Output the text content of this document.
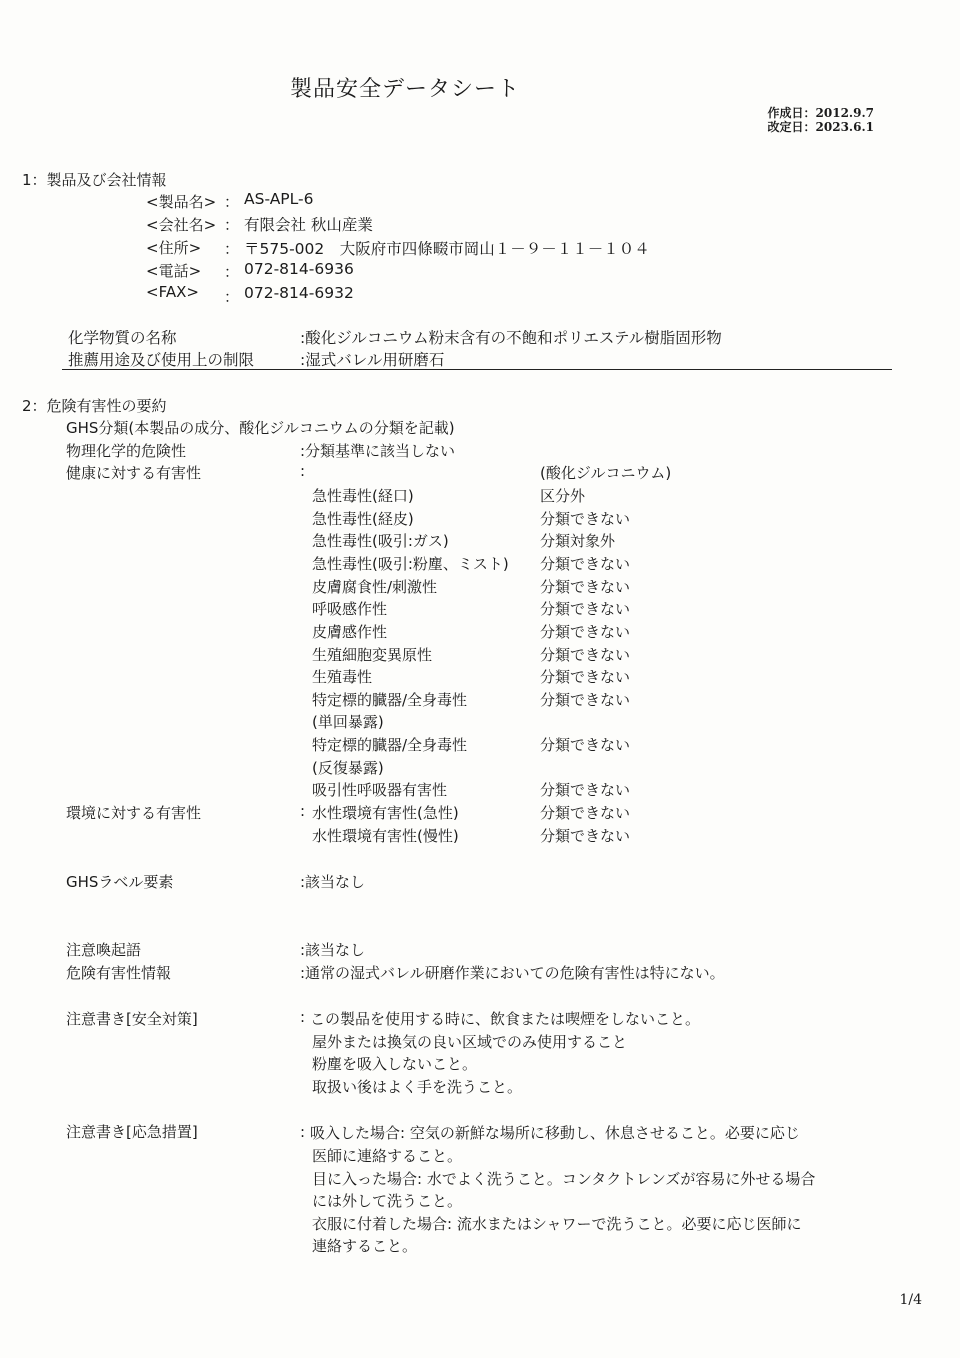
製品安全データシート
作成日：2012.9.7
改定日：2023.6.1
1：製品及び会社情報
<製品名> ： AS-APL-6
<会社名> ： 有限会社 秋山産業
<住所> ： 〒575-002　大阪府市四條畷市岡山１－９－１１－１０４
<電話> ： 072-814-6936
<FAX> ： 072-814-6932
化学物質の名称	:酸化ジルコニウム粉末含有の不飽和ポリエステル樹脂固形物
推薦用途及び使用上の制限	:湿式バレル用研磨石
2：危険有害性の要約
GHS分類(本製品の成分、酸化ジルコニウムの分類を記載)
物理化学的危険性	:分類基準に該当しない
健康に対する有害性	:	(酸化ジルコニウム)
急性毒性(経口)	区分外
急性毒性(経皮)	分類できない
急性毒性(吸引:ガス)	分類対象外
急性毒性(吸引:粉塵、ミスト) 分類できない
皮膚腐食性/刺激性	分類できない
呼吸感作性	分類できない
皮膚感作性	分類できない
生殖細胞変異原性	分類できない
生殖毒性	分類できない
特定標的臓器/全身毒性	分類できない
(単回暴露)
特定標的臓器/全身毒性	分類できない
(反復暴露)
吸引性呼吸器有害性	分類できない
環境に対する有害性	: 水性環境有害性(急性)	分類できない
水性環境有害性(慢性)	分類できない
GHSラベル要素	:該当なし
注意喚起語	:該当なし
危険有害性情報	:通常の湿式バレル研磨作業においての危険有害性は特にない。
注意書き[安全対策]	: この製品を使用する時に、飲食または喫煙をしないこと。
屋外または換気の良い区域でのみ使用すること
粉塵を吸入しないこと。
取扱い後はよく手を洗うこと。
注意書き[応急措置]	: 吸入した場合: 空気の新鮮な場所に移動し、休息させること。必要に応じ
医師に連絡すること。
目に入った場合: 水でよく洗うこと。コンタクトレンズが容易に外せる場合
には外して洗うこと。
衣服に付着した場合: 流水またはシャワーで洗うこと。必要に応じ医師に
連絡すること。
1/4
